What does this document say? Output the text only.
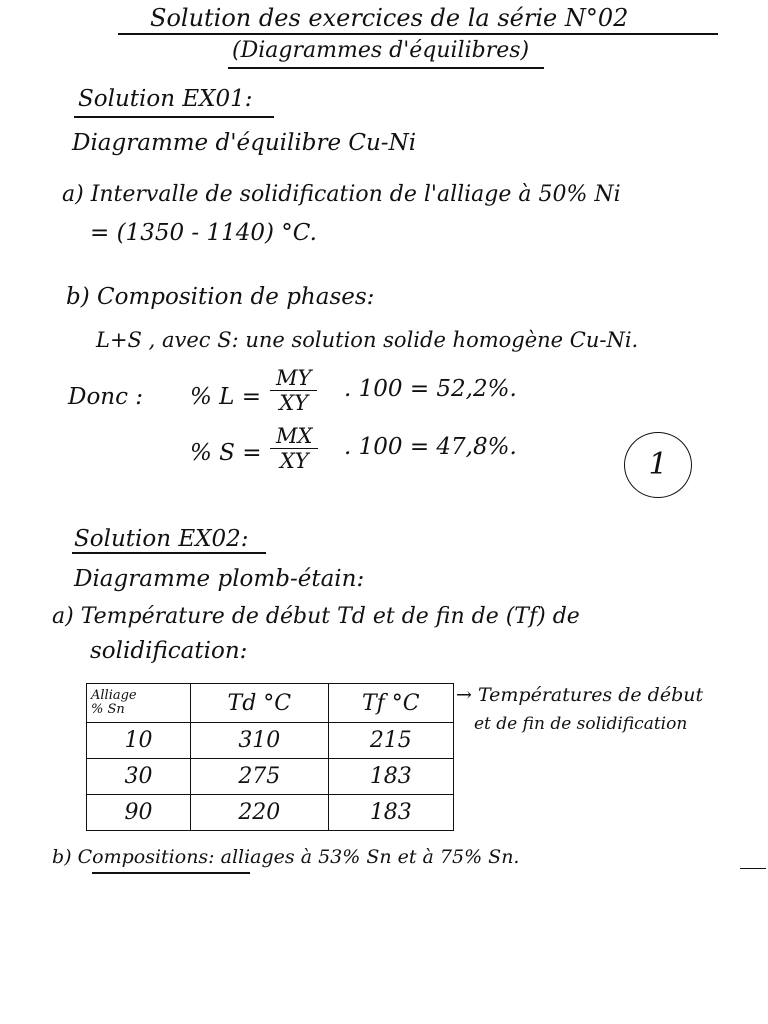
Solution des exercices de la série N°02
(Diagrammes d'équilibres)
Solution EX01:
Diagramme d'équilibre Cu-Ni
a) Intervalle de solidification de l'alliage à 50% Ni
= (1350 - 1140) °C.
b) Composition de phases:
L+S , avec S: une solution solide homogène Cu-Ni.
Donc : % $L = \frac{MY}{XY}$ . 100 = 52,2%.
% $S = \frac{MX}{XY}$ . 100 = 47,8%.	1
Solution EX02:
Diagramme plomb-étain:
a) Température de début Td et de fin de (Tf) de
solidification:
Alliage
% Sn	Td °C	Tf °C
10	310	215
30	275	183
90	220	183
→ Températures de début
et de fin de solidification
b) Compositions: alliages à 53% Sn et à 75% Sn.
